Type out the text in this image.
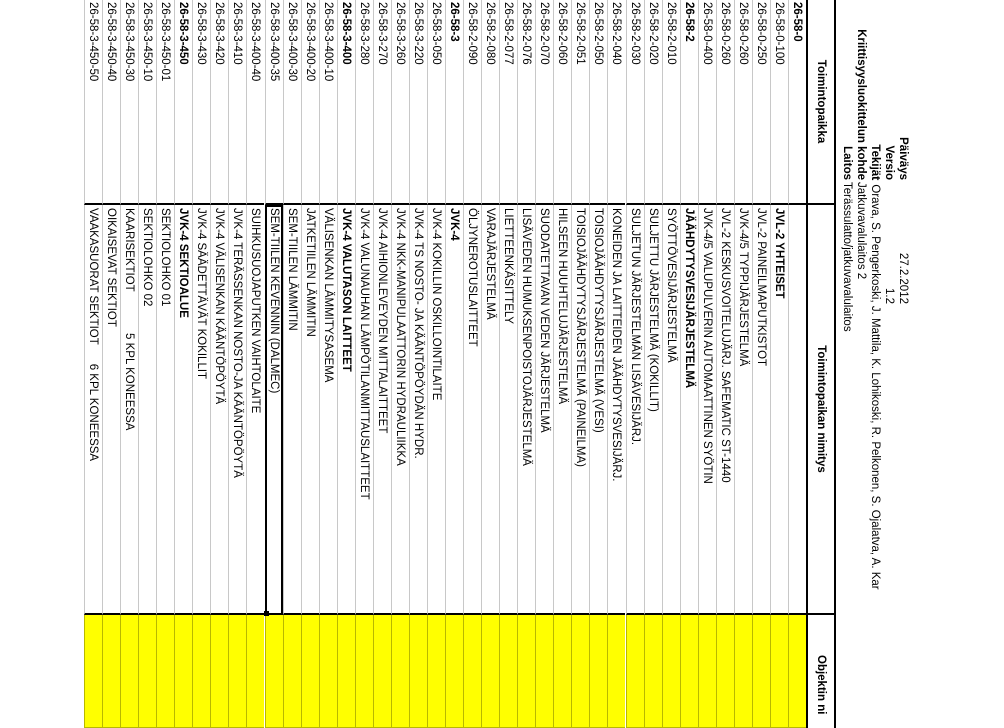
Laitos
Terässulatto/jatkuvavalulaitos
Kriittisyysluokittelun kohde
Jatkuvavalulaitos 2
Tekijät
: Orava, S. Pengerkoski, J. Mattila, K. Lohikoski, R. Pelkonen, S. Ojalatva, A. Kar
Versio
1.2
Päiväys
27.2.2012
Toimintopaikka
Toimintopaikan nimitys
Objektin ni
26-58-0
26-58-0-100
JVL-2 YHTEISET
26-58-0-250
JVL-2 PAINEILMAPUTKISTOT
26-58-0-260
JVK-4/5 TYPPIJÄRJESTELMÄ
26-58-0-260
JVL-2 KESKUSVOITELUJÄRJ. SAFEMATIC ST-1440
26-58-0-400
JVK-4/5 VALUPULVERIN AUTOMAATTINEN SYÖTIN
26-58-2
JÄÄHDYTYSVESIJÄRJESTELMÄ
26-58-2-010
SYÖTTÖVESIJÄRJESTELMÄ
26-58-2-020
SULJETTU JÄRJESTELMÄ (KOKILLIT)
26-58-2-030
SULJETUN JÄRJESTELMÄN LISÄVESIJÄRJ.
26-58-2-040
KONEIDEN JA LAITTEIDEN JÄÄHDYTYSVESIJÄRJ.
26-58-2-050
TOISIOJÄÄHDYTYSJÄRJESTELMÄ (VESI)
26-58-2-051
TOISIOJÄÄHDYTYSJÄRJESTELMÄ (PAINEILMA)
26-58-2-060
HILSEEN HUUHTELUJÄRJESTELMÄ
26-58-2-070
SUODATETTAVAN VEDEN JÄRJESTELMÄ
26-58-2-076
LISÄVEDEN HUMUKSENPOISTOJÄRJESTELMÄ
26-58-2-077
LIETTEENKÄSITTELY
26-58-2-080
VARAJÄRJESTELMÄ
26-58-2-090
ÖLJYNEROTUSLAITTEET
26-58-3
JVK-4
26-58-3-050
JVK-4 KOKILLIN OSKILLOINTILAITE
26-58-3-220
JVK-4 TS NOSTO- JA KÄÄNTÖPÖYDÄN HYDR.
26-58-3-260
JVK-4 NKK-MANIPULAATTORIN HYDRAULIIKKA
26-58-3-270
JVK-4 AIHIONLEVEYDEN MITTALAITTEET
26-58-3-280
JVK-4 VALUNAUHAN LÄMPÖTILANMITTAUSLAITTEET
26-58-3-400
JVK-4 VALUTASON LAITTEET
26-58-3-400-10
VÄLISENKAN LÄMMITYSASEMA
26-58-3-400-20
JATKETIILEN LÄMMITIN
26-58-3-400-30
SEM-TIILEN LÄMMITIN
26-58-3-400-35
SEM-TIILEN KEVENNIN (DALMEC)
26-58-3-400-40
SUIHKUSUOJAPUTKEN VAIHTOLAITE
26-58-3-410
JVK-4 TERÄSSENKAN NOSTO-JA KÄÄNTÖPÖYTÄ
26-58-3-420
JVK-4 VÄLISENKAN KÄÄNTÖPÖYTÄ
26-58-3-430
JVK-4 SÄÄDETTÄVÄT KOKILLIT
26-58-3-450
JVK-4 SEKTIOALUE
26-58-3-450-01
SEKTIOLOHKO 01
26-58-3-450-10
SEKTIOLOHKO 02
26-58-3-450-30
KAARISEKTIOT             5 KPL KONEESSA
26-58-3-450-40
OIKAISEVAT SEKTIOT
26-58-3-450-50
VAAKASUORAT SEKTIOT      6 KPL KONEESSA
